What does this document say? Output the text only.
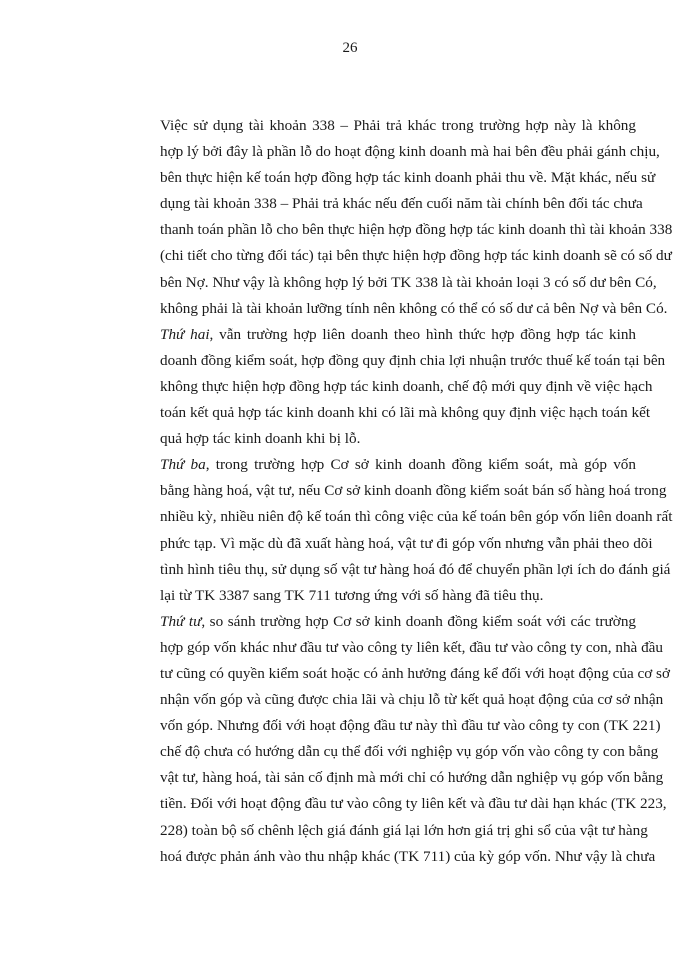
26
Việc sử dụng tài khoản 338 – Phải trả khác trong trường hợp này là không
hợp lý bởi đây là phần lỗ do hoạt động kinh doanh mà hai bên đều phải gánh chịu,
bên thực hiện kế toán hợp đồng hợp tác kinh doanh phải thu về. Mặt khác, nếu sử
dụng tài khoản 338 – Phải trả khác nếu đến cuối năm tài chính bên đối tác chưa
thanh toán phần lỗ cho bên thực hiện hợp đồng hợp tác kinh doanh thì tài khoản 338
(chi tiết cho từng đối tác) tại bên thực hiện hợp đồng hợp tác kinh doanh sẽ có số dư
bên Nợ. Như vậy là không hợp lý bởi TK 338 là tài khoản loại 3 có số dư bên Có,
không phải là tài khoản lưỡng tính nên không có thể có số dư cả bên Nợ và bên Có.
Thứ hai, vẫn trường hợp liên doanh theo hình thức hợp đồng hợp tác kinh
doanh đồng kiểm soát, hợp đồng quy định chia lợi nhuận trước thuế kế toán tại bên
không thực hiện hợp đồng hợp tác kinh doanh, chế độ mới quy định về việc hạch
toán kết quả hợp tác kinh doanh khi có lãi mà không quy định việc hạch toán kết
quả hợp tác kinh doanh khi bị lỗ.
Thứ ba, trong trường hợp Cơ sở kinh doanh đồng kiểm soát, mà góp vốn
bằng hàng hoá, vật tư, nếu Cơ sở kinh doanh đồng kiểm soát bán số hàng hoá trong
nhiều kỳ, nhiều niên độ kế toán thì công việc của kế toán bên góp vốn liên doanh rất
phức tạp. Vì mặc dù đã xuất hàng hoá, vật tư đi góp vốn nhưng vẫn phải theo dõi
tình hình tiêu thụ, sử dụng số vật tư hàng hoá đó để chuyển phần lợi ích do đánh giá
lại từ TK 3387 sang TK 711 tương ứng với số hàng đã tiêu thụ.
Thứ tư, so sánh trường hợp Cơ sở kinh doanh đồng kiểm soát với các trường
hợp góp vốn khác như đầu tư vào công ty liên kết, đầu tư vào công ty con, nhà đầu
tư cũng có quyền kiểm soát hoặc có ảnh hưởng đáng kể đối với hoạt động của cơ sở
nhận vốn góp và cũng được chia lãi và chịu lỗ từ kết quả hoạt động của cơ sở nhận
vốn góp. Nhưng đối với hoạt động đầu tư này thì đầu tư vào công ty con (TK 221)
chế độ chưa có hướng dẫn cụ thể đối với nghiệp vụ góp vốn vào công ty con bằng
vật tư, hàng hoá, tài sản cố định mà mới chỉ có hướng dẫn nghiệp vụ góp vốn bằng
tiền. Đối với hoạt động đầu tư vào công ty liên kết và đầu tư dài hạn khác (TK 223,
228) toàn bộ số chênh lệch giá đánh giá lại lớn hơn giá trị ghi sổ của vật tư hàng
hoá được phản ánh vào thu nhập khác (TK 711) của kỳ góp vốn. Như vậy là chưa
